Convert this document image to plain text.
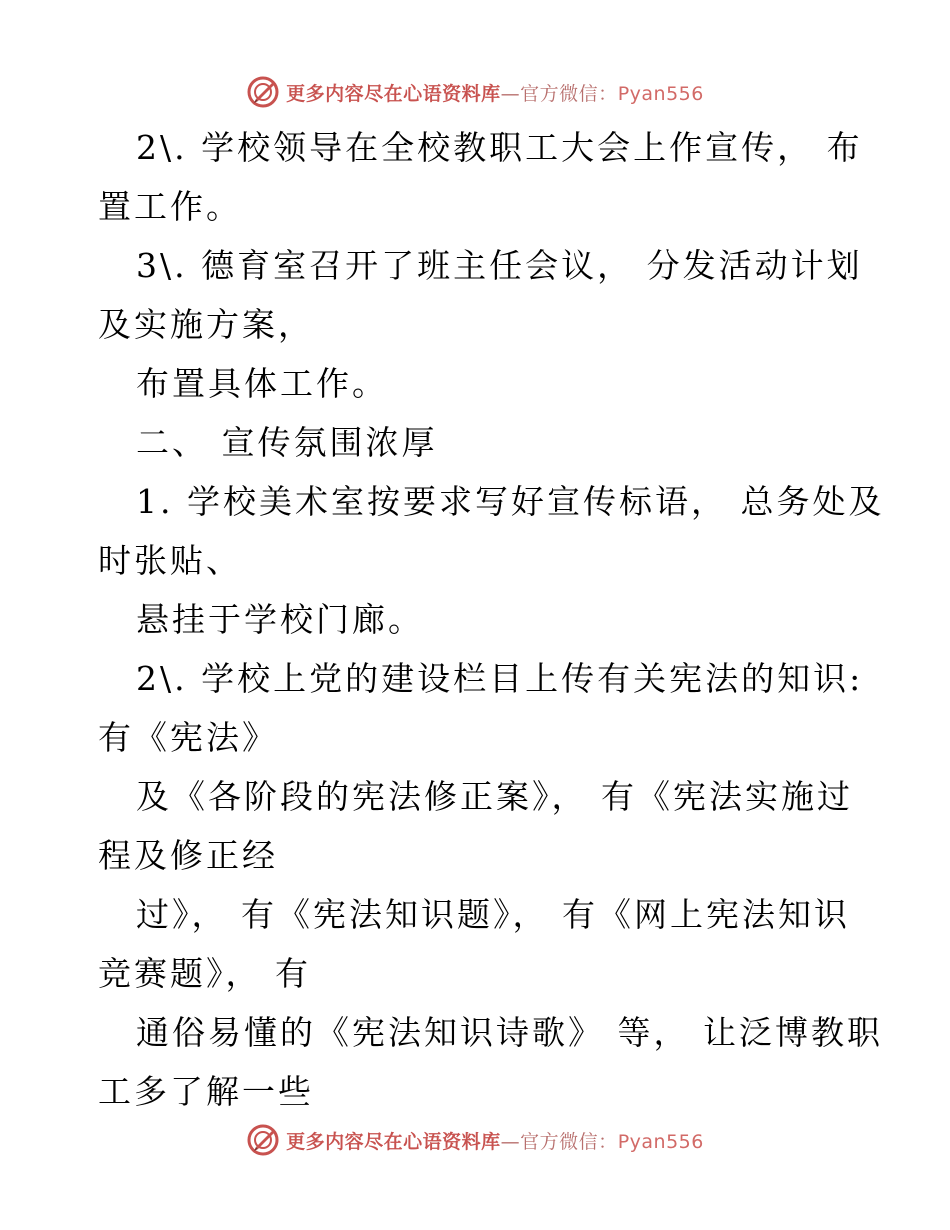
更多内容尽在心语资料库—官方微信：Pyan556
2\. 学校领导在全校教职工大会上作宣传， 布
置工作。
3\. 德育室召开了班主任会议， 分发活动计划
及实施方案，
布置具体工作。
二、 宣传氛围浓厚
1. 学校美术室按要求写好宣传标语， 总务处及
时张贴、
悬挂于学校门廊。
2\. 学校上党的建设栏目上传有关宪法的知识:
有《宪法》
及《各阶段的宪法修正案》， 有《宪法实施过
程及修正经
过》， 有《宪法知识题》， 有《网上宪法知识
竞赛题》， 有
通俗易懂的《宪法知识诗歌》 等， 让泛博教职
工多了解一些
更多内容尽在心语资料库—官方微信：Pyan556
